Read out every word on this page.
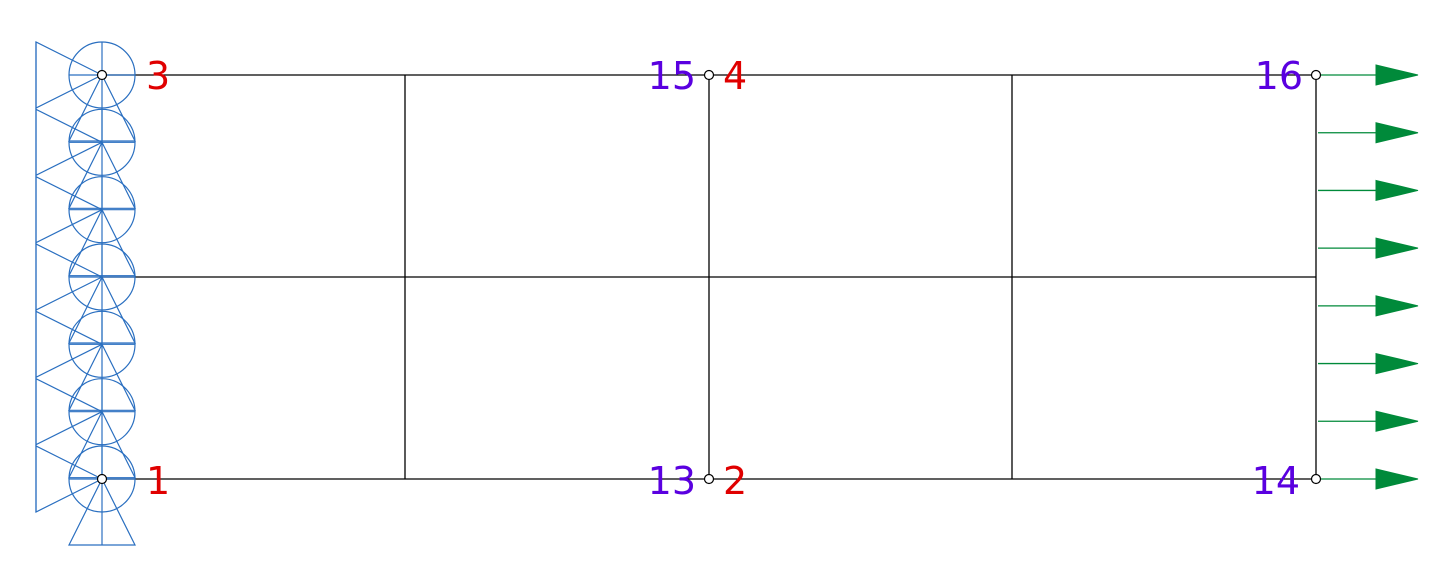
3
1
4
2
15
13
16
14
